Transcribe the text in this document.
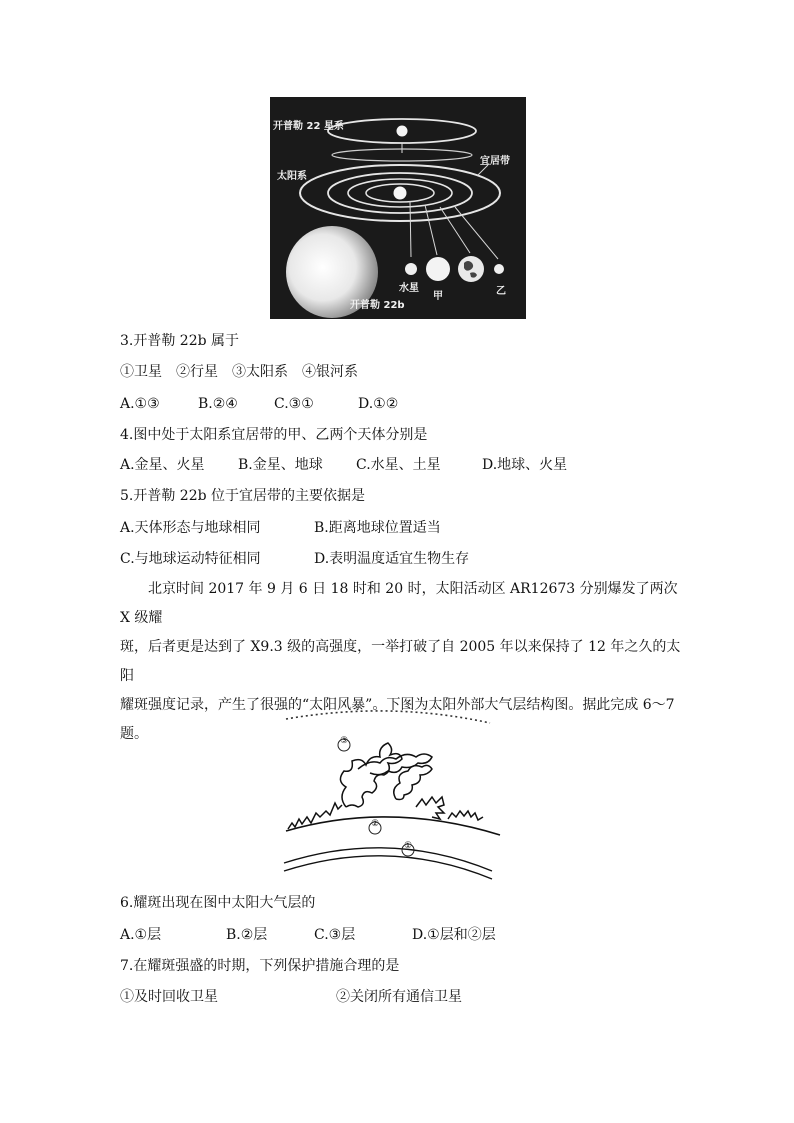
开普勒 22 星系
宜居带
太阳系
水星
甲	乙
开普勒 22b
3.开普勒 22b 属于
①卫星　②行星　③太阳系　④银河系
A.①③	B.②④	C.③①	D.①②
4.图中处于太阳系宜居带的甲、乙两个天体分别是
A.金星、火星 B.金星、地球 C.水星、土星	D.地球、火星
5.开普勒 22b 位于宜居带的主要依据是
A.天体形态与地球相同	B.距离地球位置适当
C.与地球运动特征相同	D.表明温度适宜生物生存

北京时间 2017 年 9 月 6 日 18 时和 20 时，太阳活动区 AR12673 分别爆发了两次 X 级耀

斑，后者更是达到了 X9.3 级的高强度，一举打破了自 2005 年以来保持了 12 年之久的太阳

耀斑强度记录，产生了很强的“太阳风暴”。下图为太阳外部大气层结构图。据此完成 6～7

题。	③
②
①
6.耀斑出现在图中太阳大气层的
A.①层	B.②层	C.③层	D.①层和②层
7.在耀斑强盛的时期，下列保护措施合理的是
①及时回收卫星	②关闭所有通信卫星
